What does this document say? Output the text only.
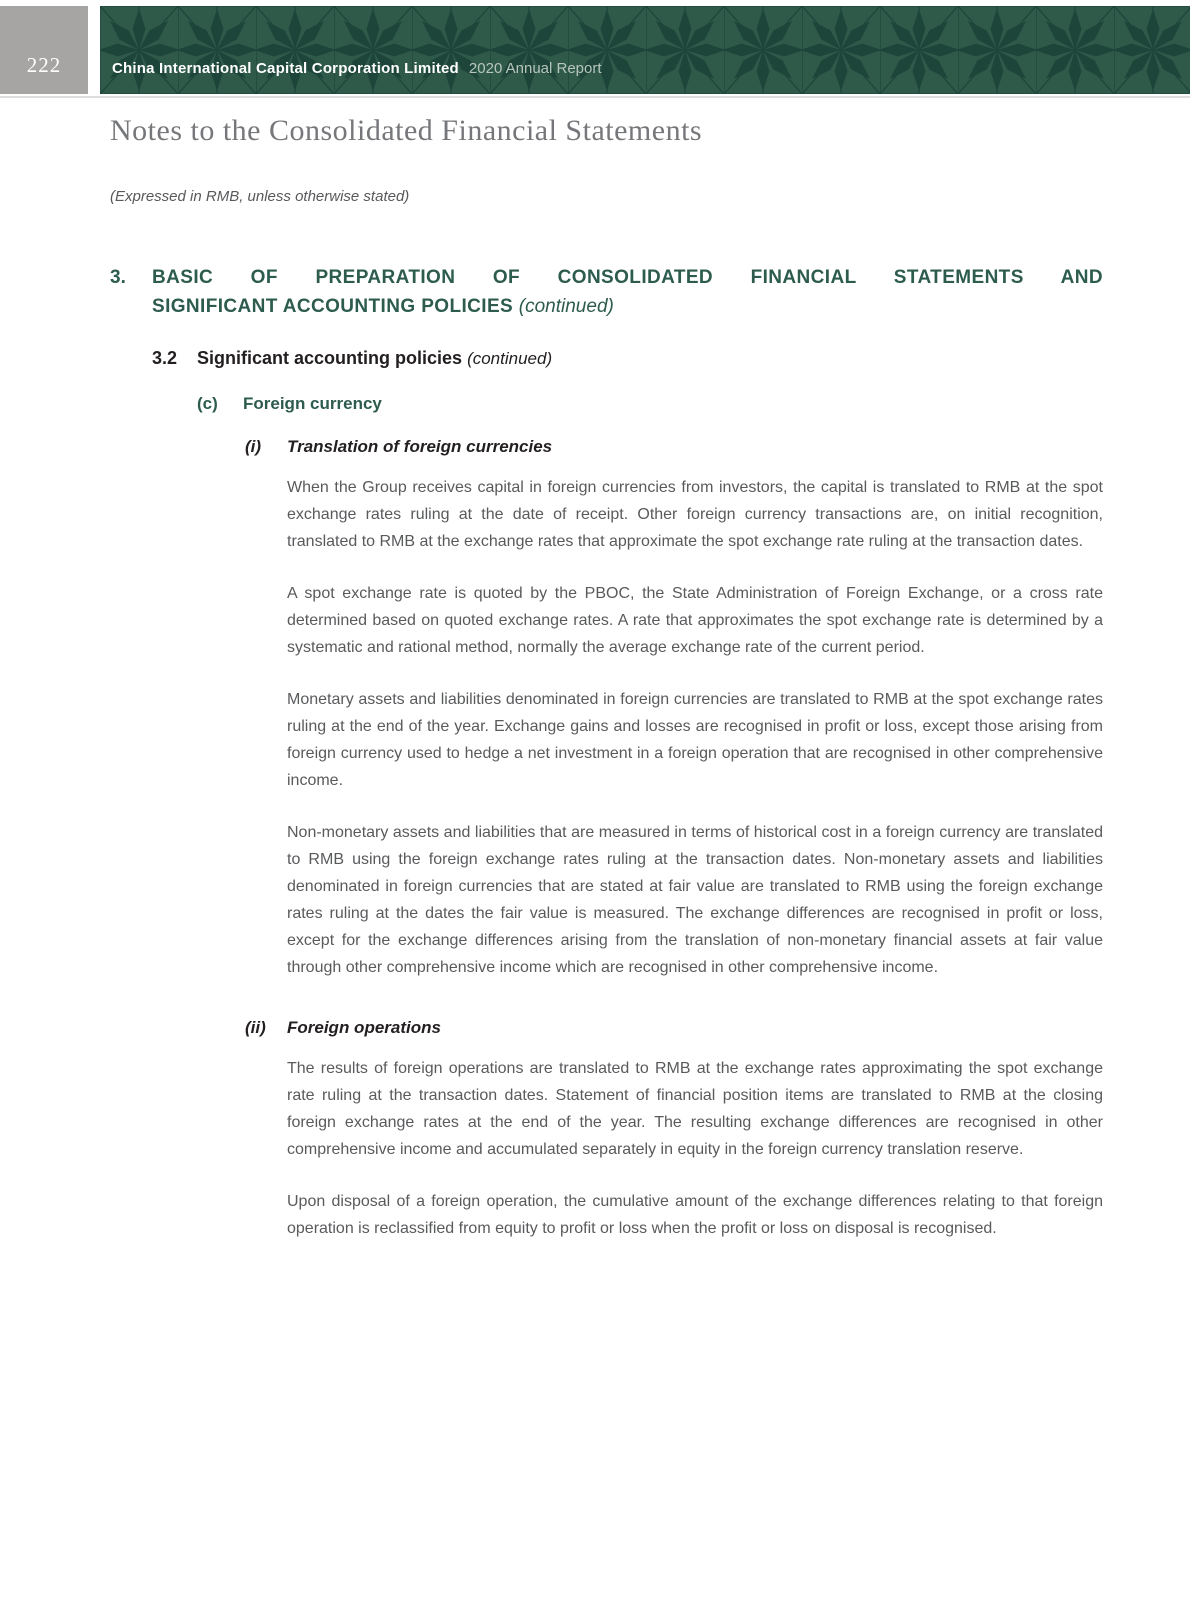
222	China International Capital Corporation Limited 2020 Annual Report
Notes to the Consolidated Financial Statements
(Expressed in RMB, unless otherwise stated)
3.	BASIC OF PREPARATION OF CONSOLIDATED FINANCIAL STATEMENTS AND
SIGNIFICANT ACCOUNTING POLICIES (continued)
3.2	Significant accounting policies (continued)
(c)	Foreign currency
(i)	Translation of foreign currencies

When the Group receives capital in foreign currencies from investors, the capital is translated to RMB at the spot exchange rates ruling at the date of receipt. Other foreign currency transactions are, on initial recognition, translated to RMB at the exchange rates that approximate the spot exchange rate ruling at the transaction dates.

A spot exchange rate is quoted by the PBOC, the State Administration of Foreign Exchange, or a cross rate determined based on quoted exchange rates. A rate that approximates the spot exchange rate is determined by a systematic and rational method, normally the average exchange rate of the current period.

Monetary assets and liabilities denominated in foreign currencies are translated to RMB at the spot exchange rates ruling at the end of the year. Exchange gains and losses are recognised in profit or loss, except those arising from foreign currency used to hedge a net investment in a foreign operation that are recognised in other comprehensive income.

Non-monetary assets and liabilities that are measured in terms of historical cost in a foreign currency are translated to RMB using the foreign exchange rates ruling at the transaction dates. Non-monetary assets and liabilities denominated in foreign currencies that are stated at fair value are translated to RMB using the foreign exchange rates ruling at the dates the fair value is measured. The exchange differences are recognised in profit or loss, except for the exchange differences arising from the translation of non-monetary financial assets at fair value through other comprehensive income which are recognised in other comprehensive income.

(ii)	Foreign operations

The results of foreign operations are translated to RMB at the exchange rates approximating the spot exchange rate ruling at the transaction dates. Statement of financial position items are translated to RMB at the closing foreign exchange rates at the end of the year. The resulting exchange differences are recognised in other comprehensive income and accumulated separately in equity in the foreign currency translation reserve.

Upon disposal of a foreign operation, the cumulative amount of the exchange differences relating to that foreign operation is reclassified from equity to profit or loss when the profit or loss on disposal is recognised.
